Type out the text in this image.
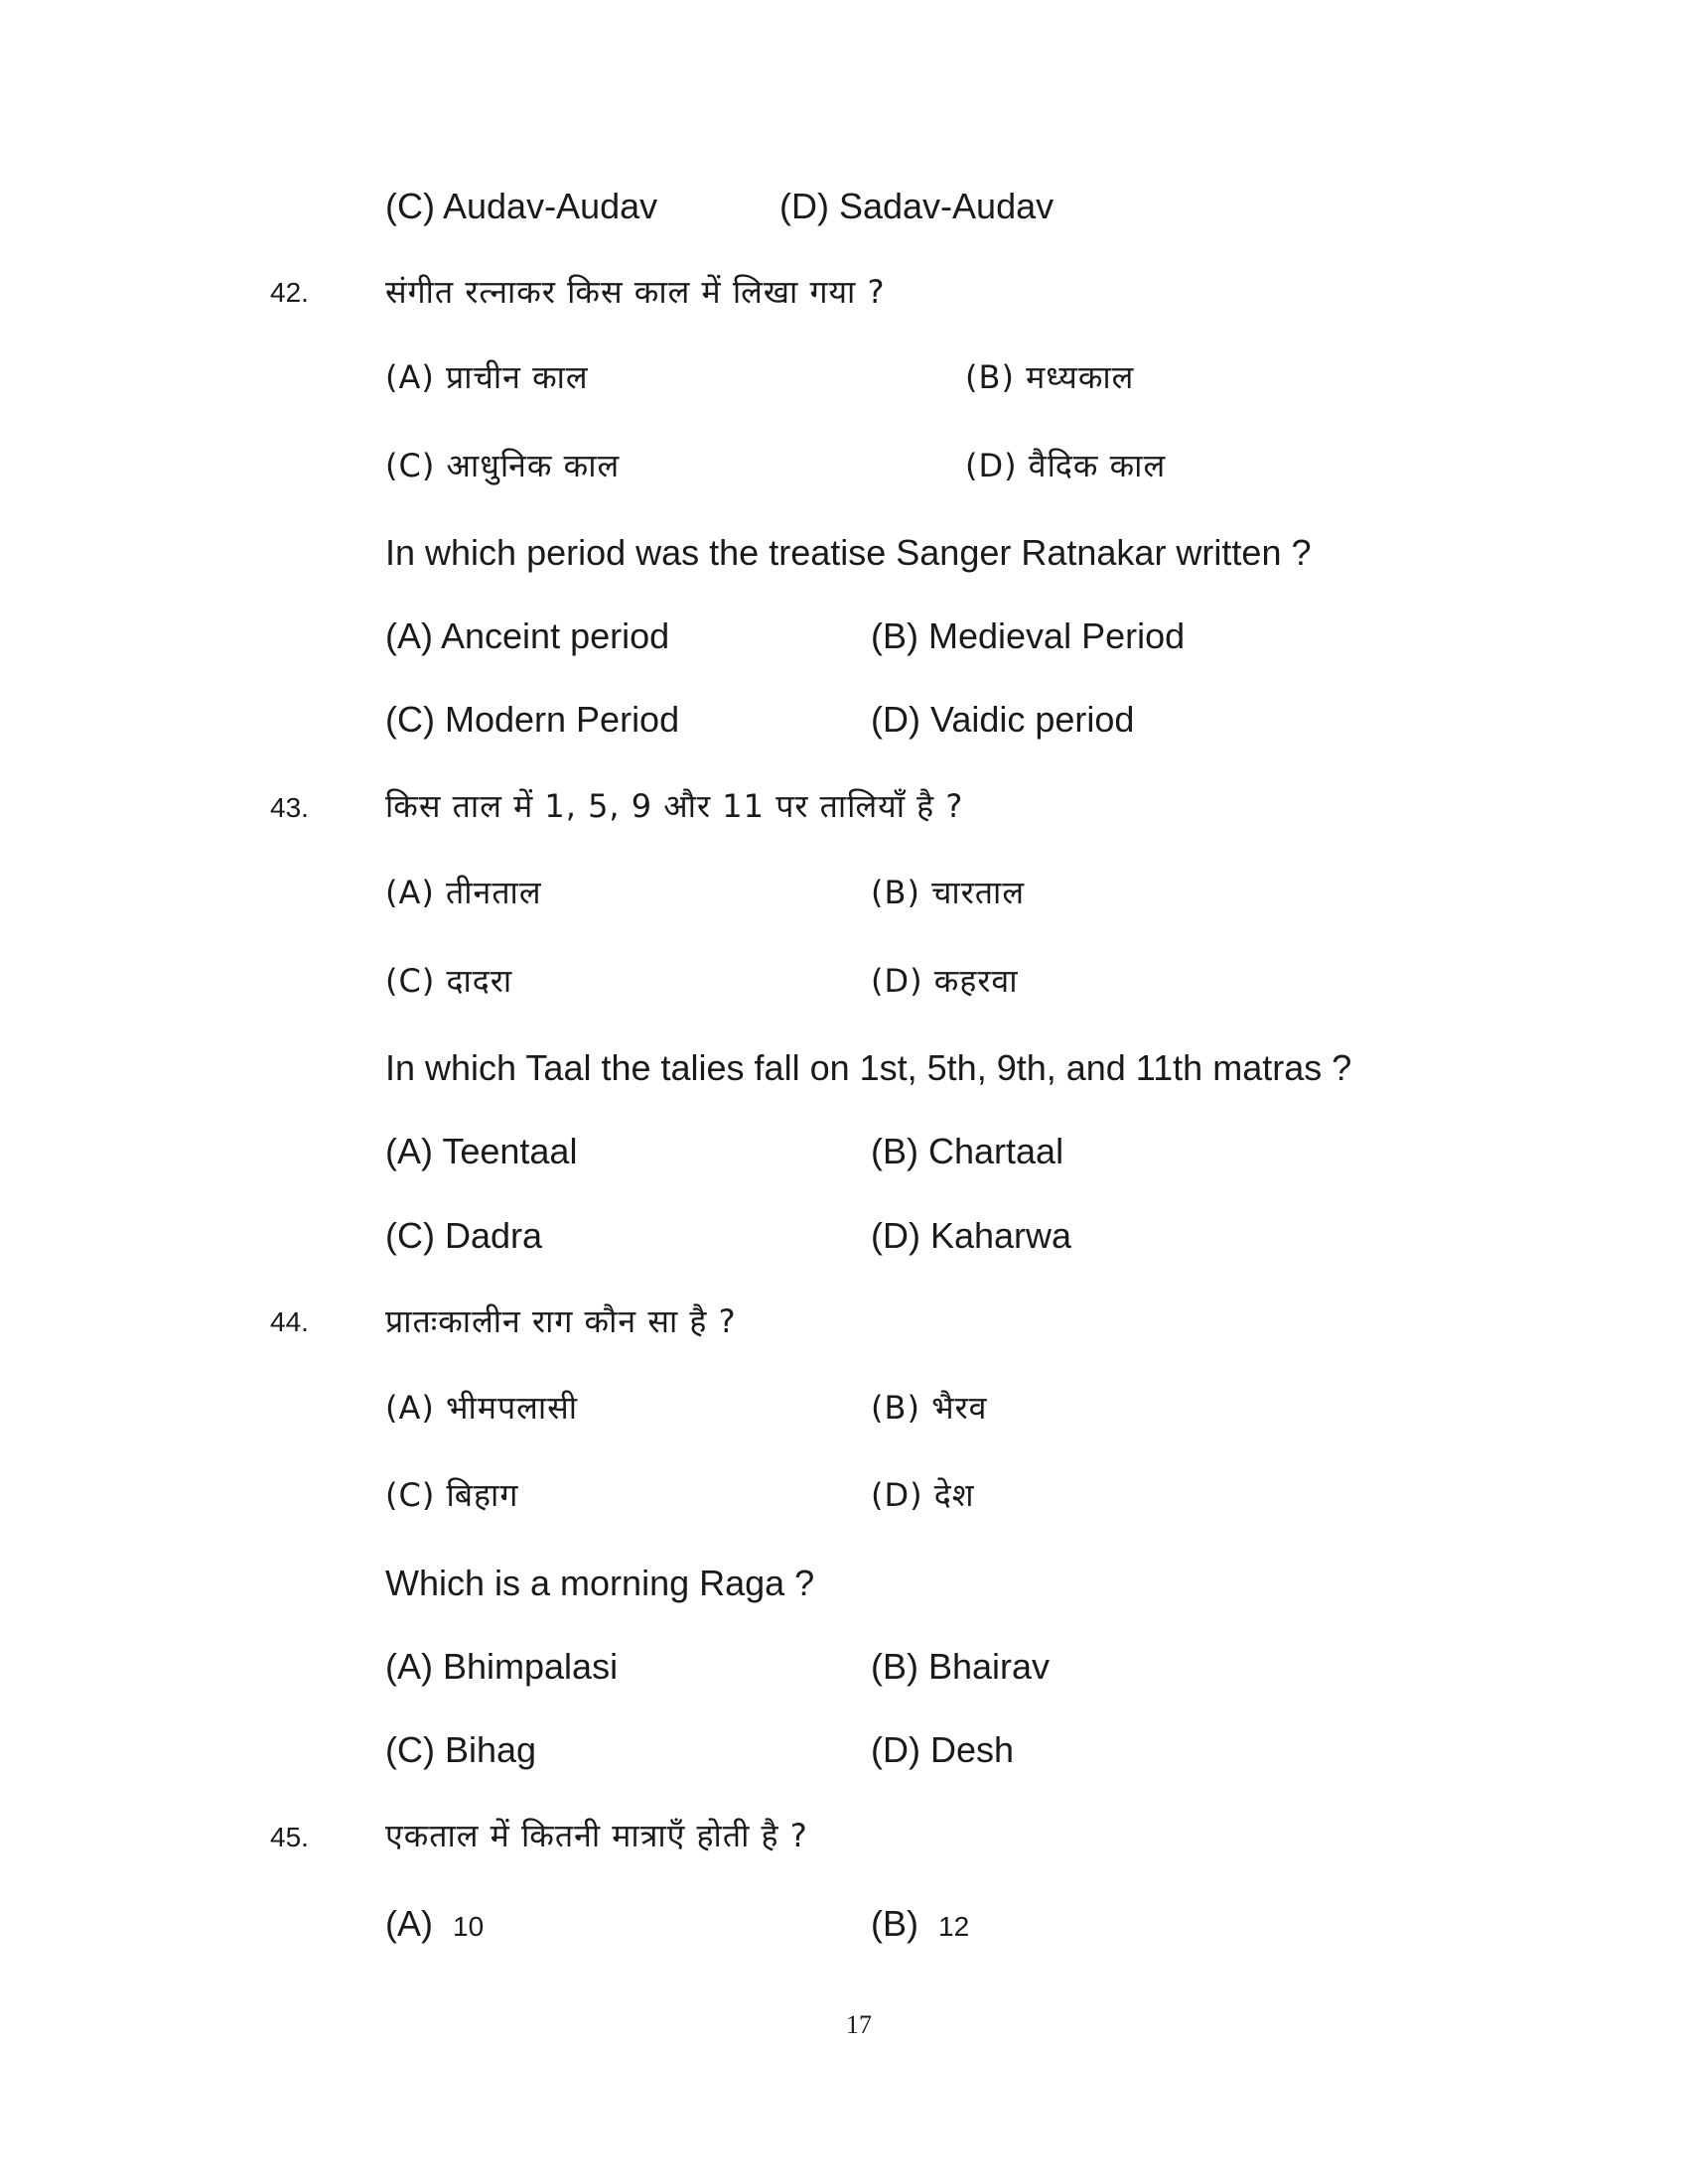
(C) Audav-Audav	(D) Sadav-Audav
42. संगीत रत्नाकर किस काल में लिखा गया ?
(A) प्राचीन काल	(B) मध्यकाल
(C) आधुनिक काल	(D) वैदिक काल
In which period was the treatise Sanger Ratnakar written ?
(A) Anceint period	(B) Medieval Period
(C) Modern Period	(D) Vaidic period
43. किस ताल में 1, 5, 9 और 11 पर तालियाँ है ?
(A) तीनताल	(B) चारताल
(C) दादरा	(D) कहरवा
In which Taal the talies fall on 1st, 5th, 9th, and 11th matras ?
(A) Teentaal	(B) Chartaal
(C) Dadra	(D) Kaharwa
44. प्रातःकालीन राग कौन सा है ?
(A) भीमपलासी	(B) भैरव
(C) बिहाग	(D) देश
Which is a morning Raga ?
(A) Bhimpalasi	(B) Bhairav
(C) Bihag	(D) Desh
45. एकताल में कितनी मात्राएँ होती है ?
(A) 10	(B) 12
17
